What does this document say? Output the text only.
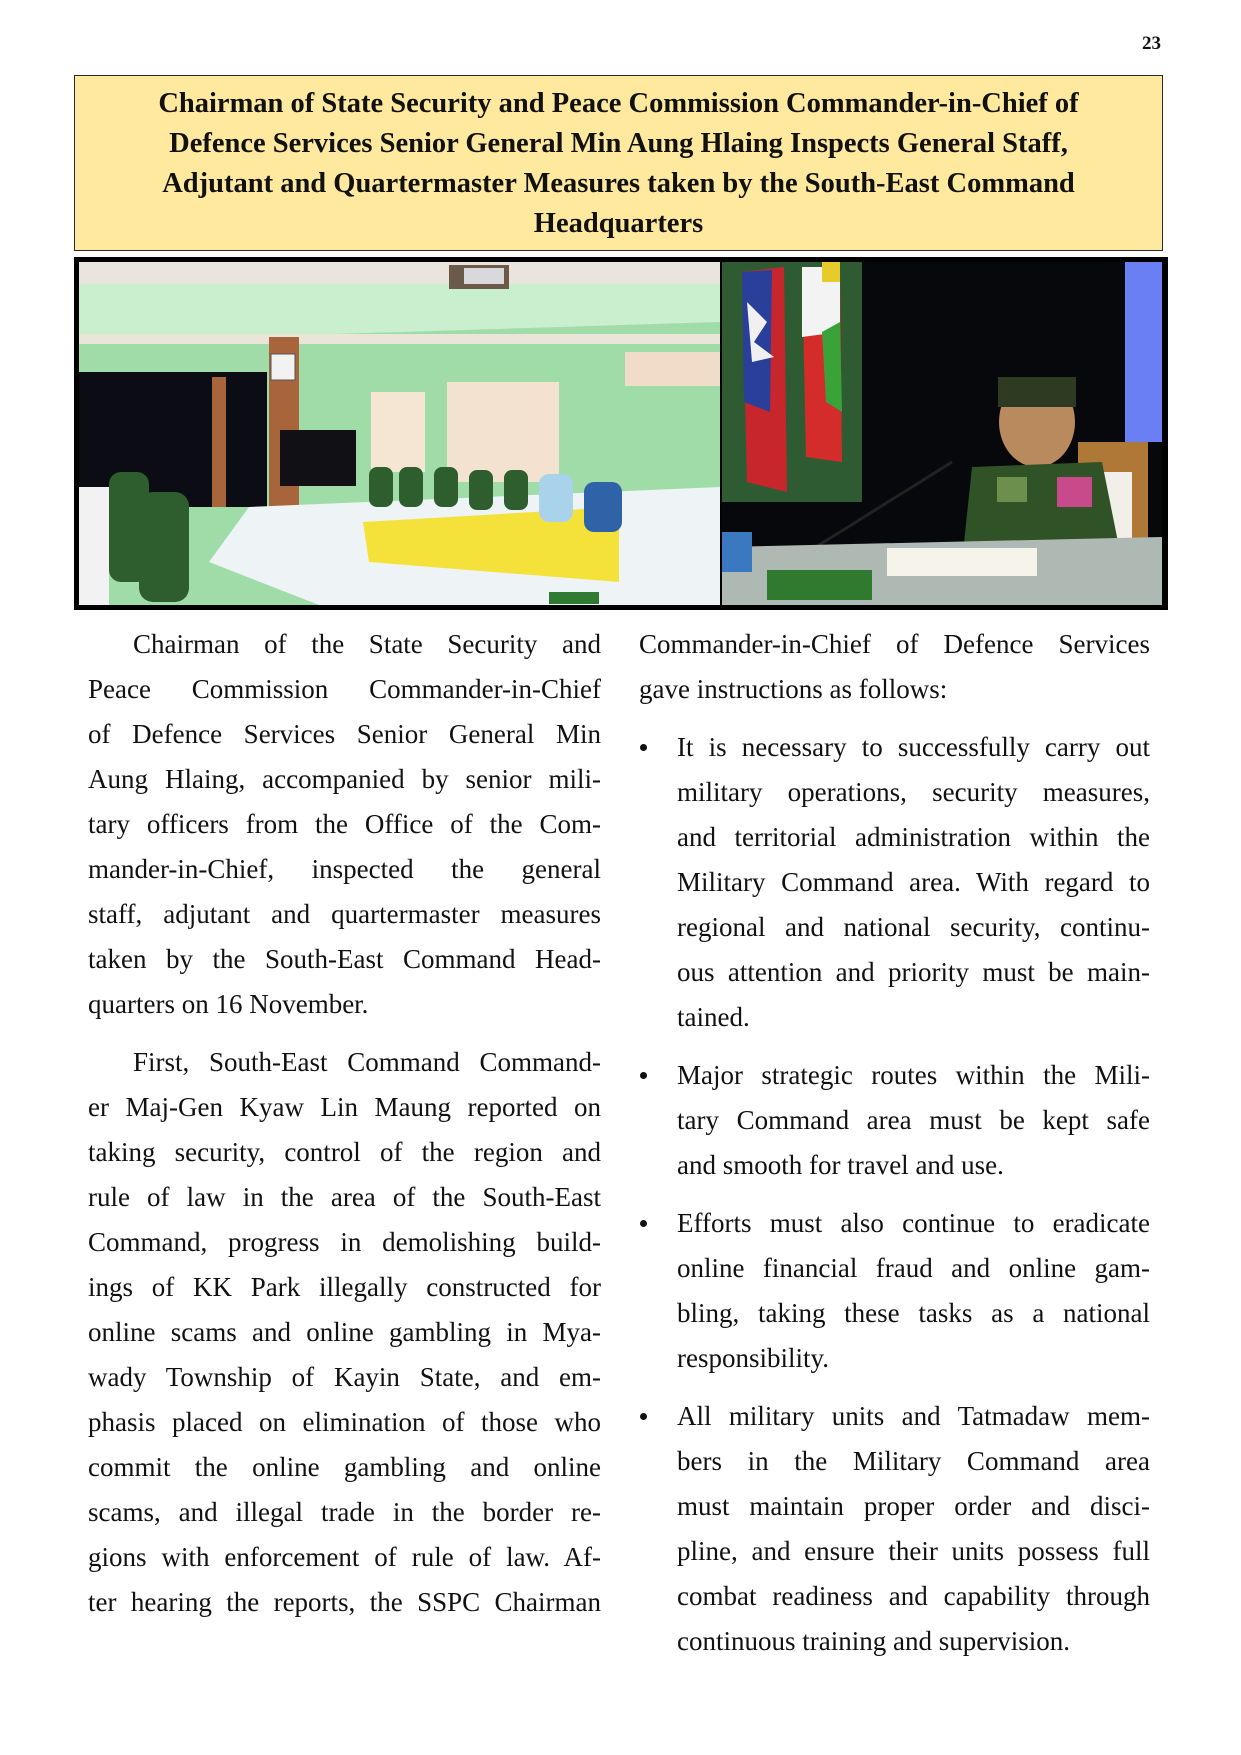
23
Chairman of State Security and Peace Commission Commander-in-Chief of
Defence Services Senior General Min Aung Hlaing Inspects General Staff,
Adjutant and Quartermaster Measures taken by the South-East Command
Headquarters

Chairman of the State Security and
Peace Commission Commander-in-Chief
of Defence Services Senior General Min
Aung Hlaing, accompanied by senior mili-
tary officers from the Office of the Com-
mander-in-Chief, inspected the general
staff, adjutant and quartermaster measures
taken by the South-East Command Head-
quarters on 16 November.

First, South-East Command Command-
er Maj-Gen Kyaw Lin Maung reported on
taking security, control of the region and
rule of law in the area of the South-East
Command, progress in demolishing build-
ings of KK Park illegally constructed for
online scams and online gambling in Mya-
wady Township of Kayin State, and em-
phasis placed on elimination of those who
commit the online gambling and online
scams, and illegal trade in the border re-
gions with enforcement of rule of law. Af-
ter hearing the reports, the SSPC Chairman

Commander-in-Chief of Defence Services
gave instructions as follows:

It is necessary to successfully carry out
military operations, security measures,
and territorial administration within the
Military Command area. With regard to
regional and national security, continu-
ous attention and priority must be main-
tained.
Major strategic routes within the Mili-
tary Command area must be kept safe
and smooth for travel and use.
Efforts must also continue to eradicate
online financial fraud and online gam-
bling, taking these tasks as a national
responsibility.
All military units and Tatmadaw mem-
bers in the Military Command area
must maintain proper order and disci-
pline, and ensure their units possess full
combat readiness and capability through
continuous training and supervision.
